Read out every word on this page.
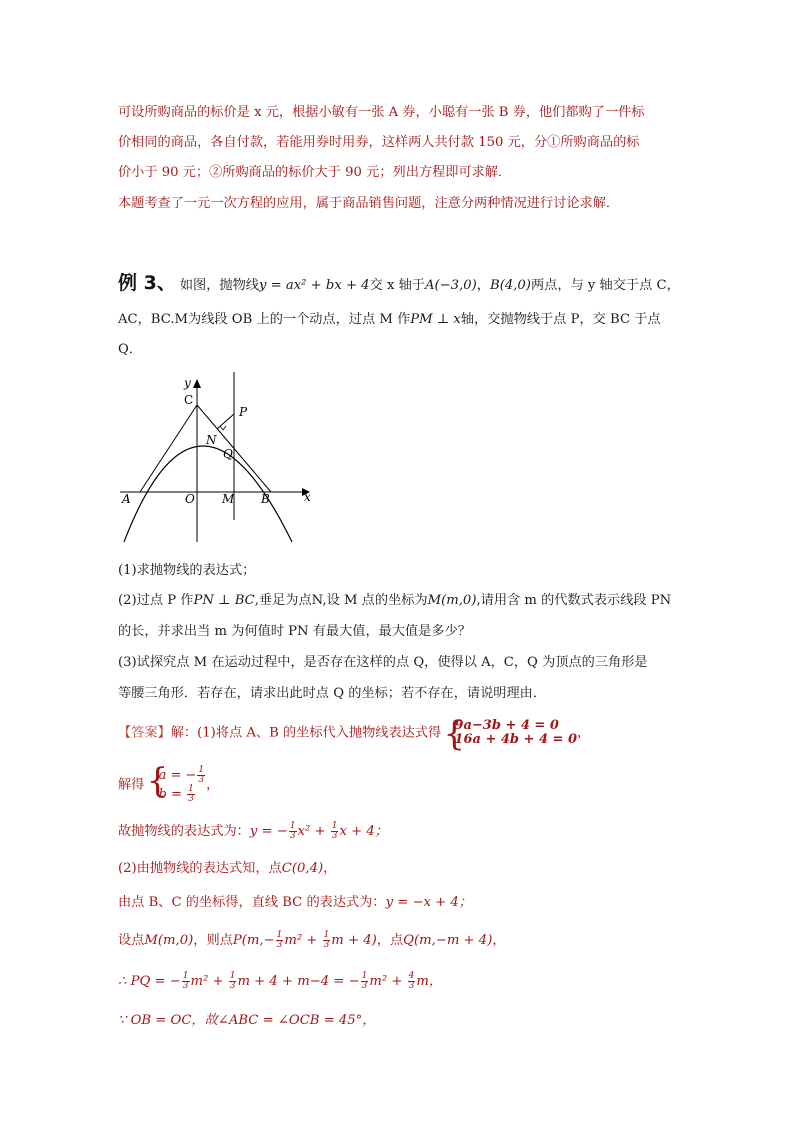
可设所购商品的标价是 x 元，根据小敏有一张 A 券，小聪有一张 B 券，他们都购了一件标
价相同的商品，各自付款，若能用券时用券，这样两人共付款 150 元，分①所购商品的标
价小于 90 元；②所购商品的标价大于 90 元；列出方程即可求解．
本题考查了一元一次方程的应用，属于商品销售问题，注意分两种情况进行讨论求解．
例 3、 如图，抛物线y = ax² + bx + 4交 x 轴于A(−3,0)，B(4,0)两点，与 y 轴交于点 C，
AC，BC.M为线段 OB 上的一个动点，过点 M 作PM ⊥ x轴，交抛物线于点 P，交 BC 于点
Q．
y
x
C
P
N
Q
A	O M B
(1)求抛物线的表达式；
(2)过点 P 作PN ⊥ BC,垂足为点N,设 M 点的坐标为M(m,0),请用含 m 的代数式表示线段 PN
的长，并求出当 m 为何值时 PN 有最大值，最大值是多少？
(3)试探究点 M 在运动过程中，是否存在这样的点 Q，使得以 A，C，Q 为顶点的三角形是
等腰三角形．若存在，请求出此时点 Q 的坐标；若不存在，请说明理由．
【答案】解：(1)将点 A、B 的坐标代入抛物线表达式得
{ 9a−3b + 4 = 0
16a + 4b + 4 = 0 ，
解得
{ a = − $\frac{1}{3}$
$b = \frac{1}{3}$ ，
故抛物线的表达式为：y = − $\frac{1}{3} x^2 + \frac{1}{3}$ x + 4；
(2)由抛物线的表达式知，点C(0,4)，
由点 B、C 的坐标得，直线 BC 的表达式为：y = −x + 4；
设点M(m,0)，则点$P(m,- \frac{1}{3} m^2 + \frac{1}{3}$ m + 4)，点Q(m,−m + 4)，
∴ PQ = − $\frac{1}{3} m^2 + \frac{1}{3}$ m + 4 + m−4 = − $\frac{1}{3} m^2 + \frac{4}{3}$ m，
∵ OB = OC，故∠ABC = ∠OCB = 45°，
